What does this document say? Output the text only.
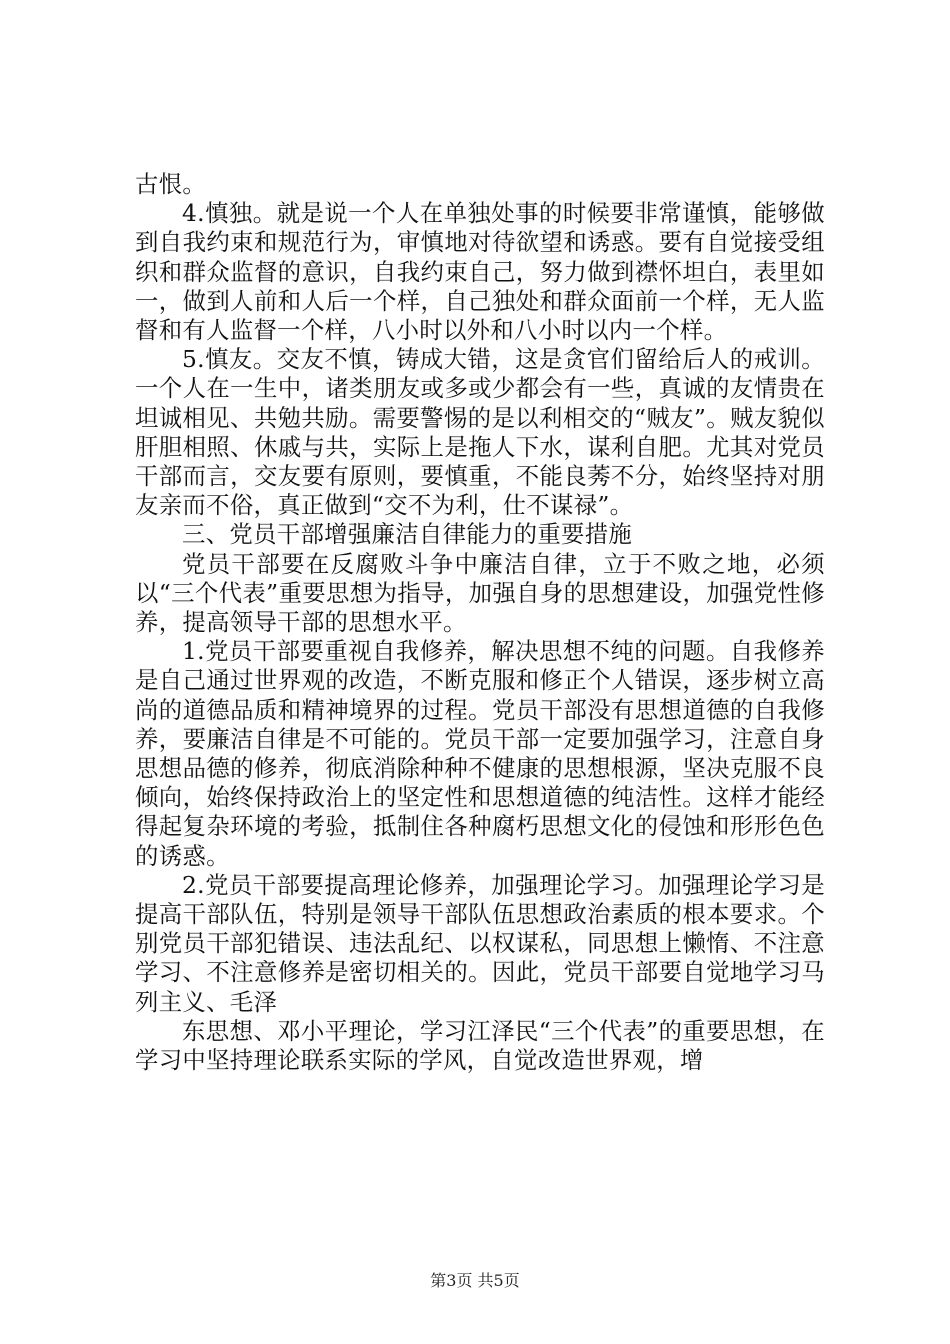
古恨。

4.慎独。就是说一个人在单独处事的时候要非常谨慎，能够做到自我约束和规范行为，审慎地对待欲望和诱惑。要有自觉接受组织和群众监督的意识，自我约束自己，努力做到襟怀坦白，表里如一，做到人前和人后一个样，自己独处和群众面前一个样，无人监督和有人监督一个样，八小时以外和八小时以内一个样。

5.慎友。交友不慎，铸成大错，这是贪官们留给后人的戒训。一个人在一生中，诸类朋友或多或少都会有一些，真诚的友情贵在坦诚相见、共勉共励。需要警惕的是以利相交的“贼友”。贼友貌似肝胆相照、休戚与共，实际上是拖人下水，谋利自肥。尤其对党员干部而言，交友要有原则，要慎重，不能良莠不分，始终坚持对朋友亲而不俗，真正做到“交不为利，仕不谋禄”。

三、党员干部增强廉洁自律能力的重要措施

党员干部要在反腐败斗争中廉洁自律，立于不败之地，必须以“三个代表”重要思想为指导，加强自身的思想建设，加强党性修养，提高领导干部的思想水平。

1.党员干部要重视自我修养，解决思想不纯的问题。自我修养是自己通过世界观的改造，不断克服和修正个人错误，逐步树立高尚的道德品质和精神境界的过程。党员干部没有思想道德的自我修养，要廉洁自律是不可能的。党员干部一定要加强学习，注意自身思想品德的修养，彻底消除种种不健康的思想根源，坚决克服不良倾向，始终保持政治上的坚定性和思想道德的纯洁性。这样才能经得起复杂环境的考验，抵制住各种腐朽思想文化的侵蚀和形形色色的诱惑。

2.党员干部要提高理论修养，加强理论学习。加强理论学习是提高干部队伍，特别是领导干部队伍思想政治素质的根本要求。个别党员干部犯错误、违法乱纪、以权谋私，同思想上懒惰、不注意学习、不注意修养是密切相关的。因此，党员干部要自觉地学习马列主义、毛泽

东思想、邓小平理论，学习江泽民“三个代表”的重要思想，在学习中坚持理论联系实际的学风，自觉改造世界观，增

第3页 共5页
